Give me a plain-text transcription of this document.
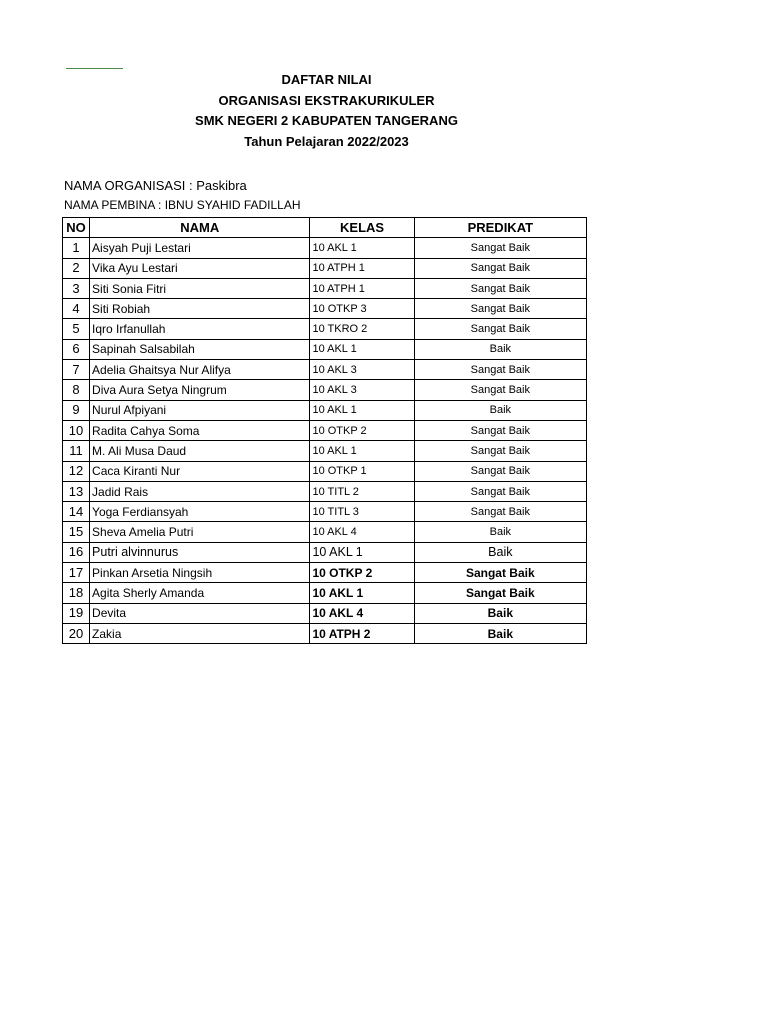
DAFTAR NILAI
ORGANISASI EKSTRAKURIKULER
SMK NEGERI 2 KABUPATEN TANGERANG
Tahun Pelajaran 2022/2023
NAMA ORGANISASI : Paskibra
NAMA PEMBINA : IBNU SYAHID FADILLAH
NO	NAMA	KELAS	PREDIKAT
1	Aisyah Puji Lestari	10 AKL 1	Sangat Baik
2	Vika Ayu Lestari	10 ATPH 1	Sangat Baik
3	Siti Sonia Fitri	10 ATPH 1	Sangat Baik
4	Siti Robiah	10 OTKP 3	Sangat Baik
5	Iqro Irfanullah	10 TKRO 2	Sangat Baik
6	Sapinah Salsabilah	10 AKL 1	Baik
7	Adelia Ghaitsya Nur Alifya	10 AKL 3	Sangat Baik
8	Diva Aura Setya Ningrum	10 AKL 3	Sangat Baik
9	Nurul Afpiyani	10 AKL 1	Baik
10	Radita Cahya Soma	10 OTKP 2	Sangat Baik
11	M. Ali Musa Daud	10 AKL 1	Sangat Baik
12	Caca Kiranti Nur	10 OTKP 1	Sangat Baik
13	Jadid Rais	10 TITL 2	Sangat Baik
14	Yoga Ferdiansyah	10 TITL 3	Sangat Baik
15	Sheva Amelia Putri	10 AKL 4	Baik
16	Putri alvinnurus	10 AKL 1	Baik
17	Pinkan Arsetia Ningsih	10 OTKP 2	Sangat Baik
18	Agita Sherly Amanda	10 AKL 1	Sangat Baik
19	Devita	10 AKL 4	Baik
20	Zakia	10 ATPH 2	Baik
